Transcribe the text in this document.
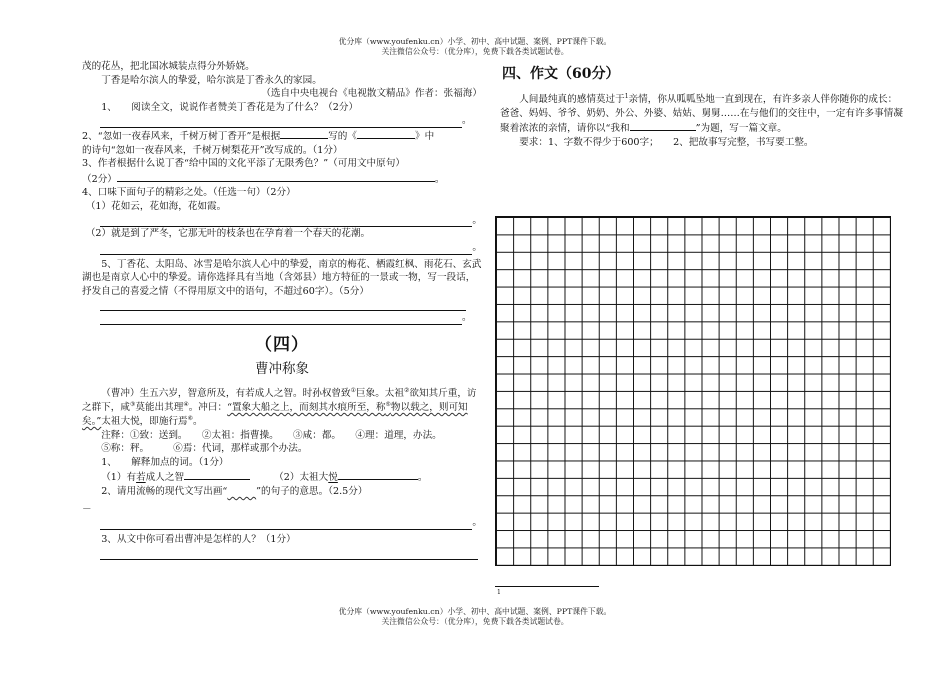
优分库（www.youfenku.cn）小学、初中、高中试题、案例、PPT课件下载。
关注微信公众号：（优分库），免费下载各类试题试卷。

茂的花丛，把北国冰城装点得分外娇娆。

丁香是哈尔滨人的挚爱，哈尔滨是丁香永久的家园。

（选自中央电视台《电视散文精品》作者：张福海）

1、　　阅读全文，说说作者赞美丁香花是为了什么？（2分）

。

2、“忽如一夜春风来，千树万树丁香开”是根据	写的《	》中

的诗句“忽如一夜春风来，千树万树梨花开”改写成的。（1分）

3、作者根据什么说丁香“给中国的文化平添了无限秀色？”（可用文中原句）

（2分）	。

4、口味下面句子的精彩之处。（任选一句）（2分）

（1）花如云，花如海，花如霞。

。

（2）就是到了严冬，它那无叶的枝条也在孕育着一个春天的花潮。

。

5、丁香花、太阳岛、冰雪是哈尔滨人心中的挚爱，南京的梅花、栖霞红枫、雨花石、玄武湖也是南京人心中的挚爱。请你选择具有当地（含郊县）地方特征的一景或一物，写一段话，抒发自己的喜爱之情（不得用原文中的语句，不超过60字）。（5分）

。
（四）
曹冲称象

（曹冲）生五六岁，智意所及，有若成人之智。时孙权曾致①巨象。太祖②欲知其斤重，访之群下，咸③莫能出其理④。冲曰：“置象大船之上，而刻其水痕所至，称⑤物以载之，则可知矣。”太祖大悦，即施行焉⑥。

注释：①致：送到。　　②太祖：指曹操。　　③咸：都。　　④理：道理，办法。

⑤称：秤。　　　⑥焉：代词，那样或那个办法。

1、　　解释加点的词。（1分）

（1）有若成人之智	（2）太祖大悦	。

2、请用流畅的现代文写出画“　　　	”的句子的意思。（2.5分）

－

。

3、从文中你可看出曹冲是怎样的人？（1分）

四、作文（60分）

人间最纯真的感情莫过于$^1$亲情，你从呱呱坠地一直到现在，有许多亲人伴你随你的成长：爸爸、妈妈、爷爷、奶奶、外公、外婆、姑姑、舅舅……在与他们的交往中，一定有许多事情凝聚着浓浓的亲情，请你以“我和	”为题，写一篇文章。

要求：1、字数不得少于600字；　　2、把故事写完整，书写要工整。

1
优分库（www.youfenku.cn）小学、初中、高中试题、案例、PPT课件下载。
关注微信公众号：（优分库），免费下载各类试题试卷。
